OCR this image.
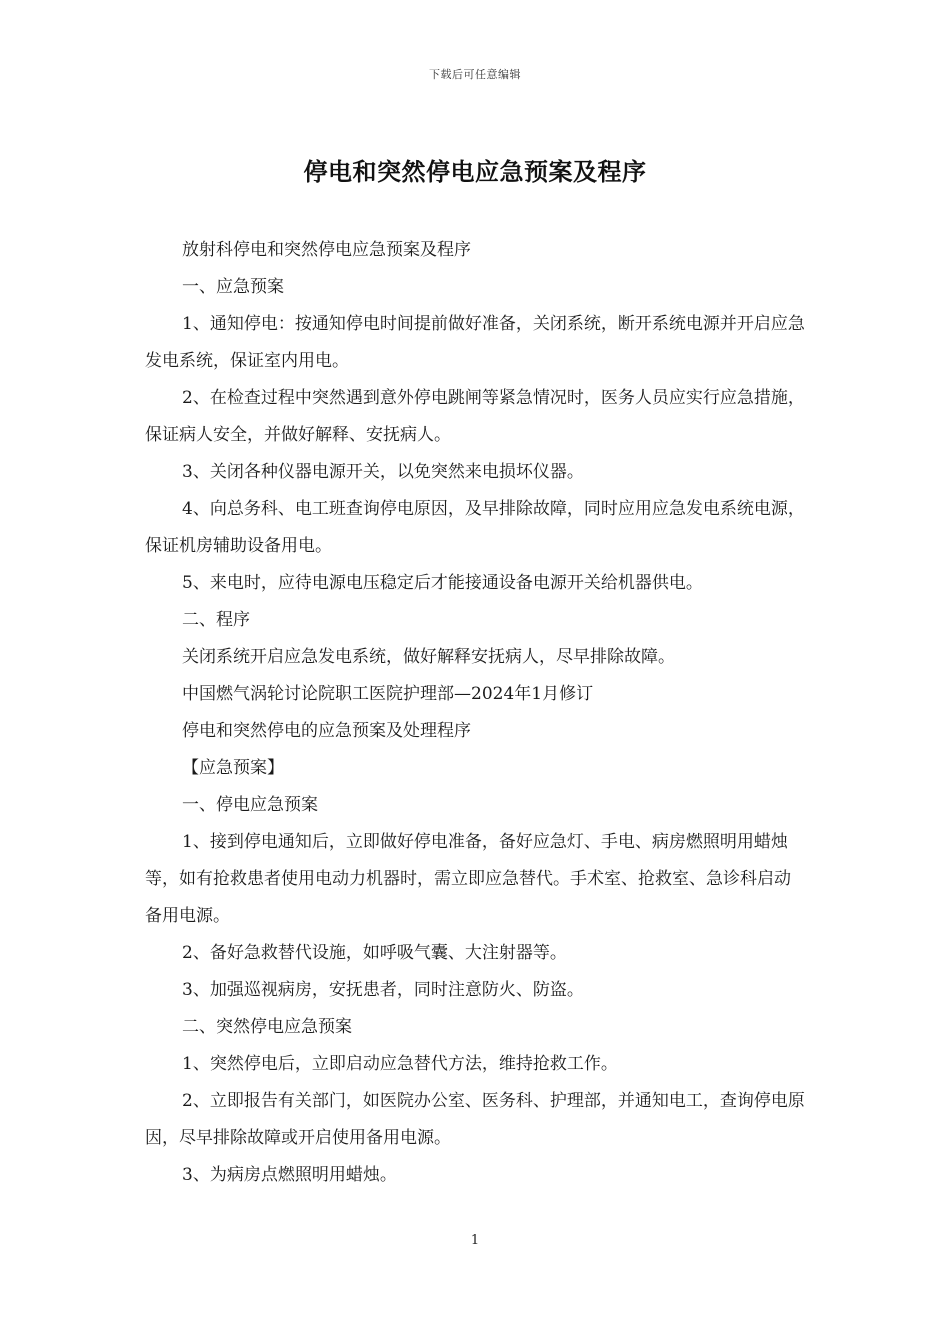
下载后可任意编辑
停电和突然停电应急预案及程序

放射科停电和突然停电应急预案及程序

一、应急预案

1、通知停电：按通知停电时间提前做好准备，关闭系统，断开系统电源并开启应急发电系统，保证室内用电。

2、在检查过程中突然遇到意外停电跳闸等紧急情况时，医务人员应实行应急措施，保证病人安全，并做好解释、安抚病人。

3、关闭各种仪器电源开关，以免突然来电损坏仪器。

4、向总务科、电工班查询停电原因，及早排除故障，同时应用应急发电系统电源，保证机房辅助设备用电。

5、来电时，应待电源电压稳定后才能接通设备电源开关给机器供电。

二、程序

关闭系统开启应急发电系统，做好解释安抚病人，尽早排除故障。

中国燃气涡轮讨论院职工医院护理部—2024年1月修订

停电和突然停电的应急预案及处理程序

【应急预案】

一、停电应急预案

1、接到停电通知后，立即做好停电准备，备好应急灯、手电、病房燃照明用蜡烛等，如有抢救患者使用电动力机器时，需立即应急替代。手术室、抢救室、急诊科启动备用电源。

2、备好急救替代设施，如呼吸气囊、大注射器等。

3、加强巡视病房，安抚患者，同时注意防火、防盗。

二、突然停电应急预案

1、突然停电后，立即启动应急替代方法，维持抢救工作。

2、立即报告有关部门，如医院办公室、医务科、护理部，并通知电工，查询停电原因，尽早排除故障或开启使用备用电源。

3、为病房点燃照明用蜡烛。

1
